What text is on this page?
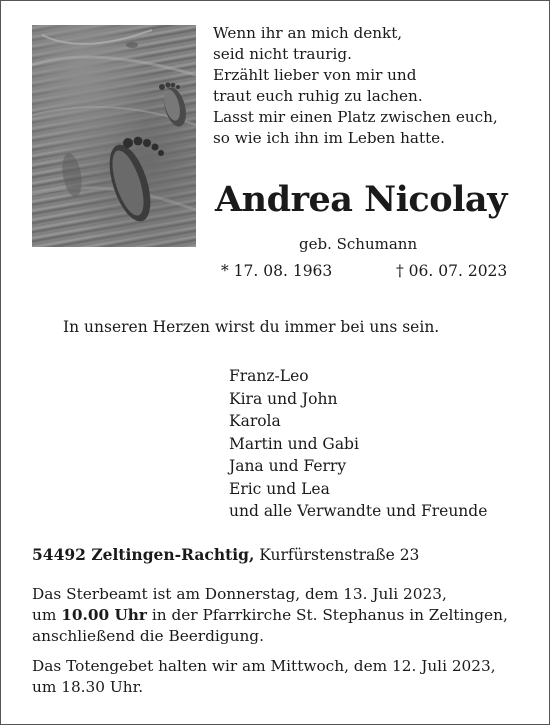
Wenn ihr an mich denkt,
seid nicht traurig.
Erzählt lieber von mir und
traut euch ruhig zu lachen.
Lasst mir einen Platz zwischen euch,
so wie ich ihn im Leben hatte.
Andrea Nicolay
geb. Schumann
* 17. 08. 1963	† 06. 07. 2023
In unseren Herzen wirst du immer bei uns sein.
Franz-Leo
Kira und John
Karola
Martin und Gabi
Jana und Ferry
Eric und Lea
und alle Verwandte und Freunde
54492 Zeltingen-Rachtig, Kurfürstenstraße 23
Das Sterbeamt ist am Donnerstag, dem 13. Juli 2023,
um 10.00 Uhr in der Pfarrkirche St. Stephanus in Zeltingen,
anschließend die Beerdigung.
Das Totengebet halten wir am Mittwoch, dem 12. Juli 2023,
um 18.30 Uhr.
